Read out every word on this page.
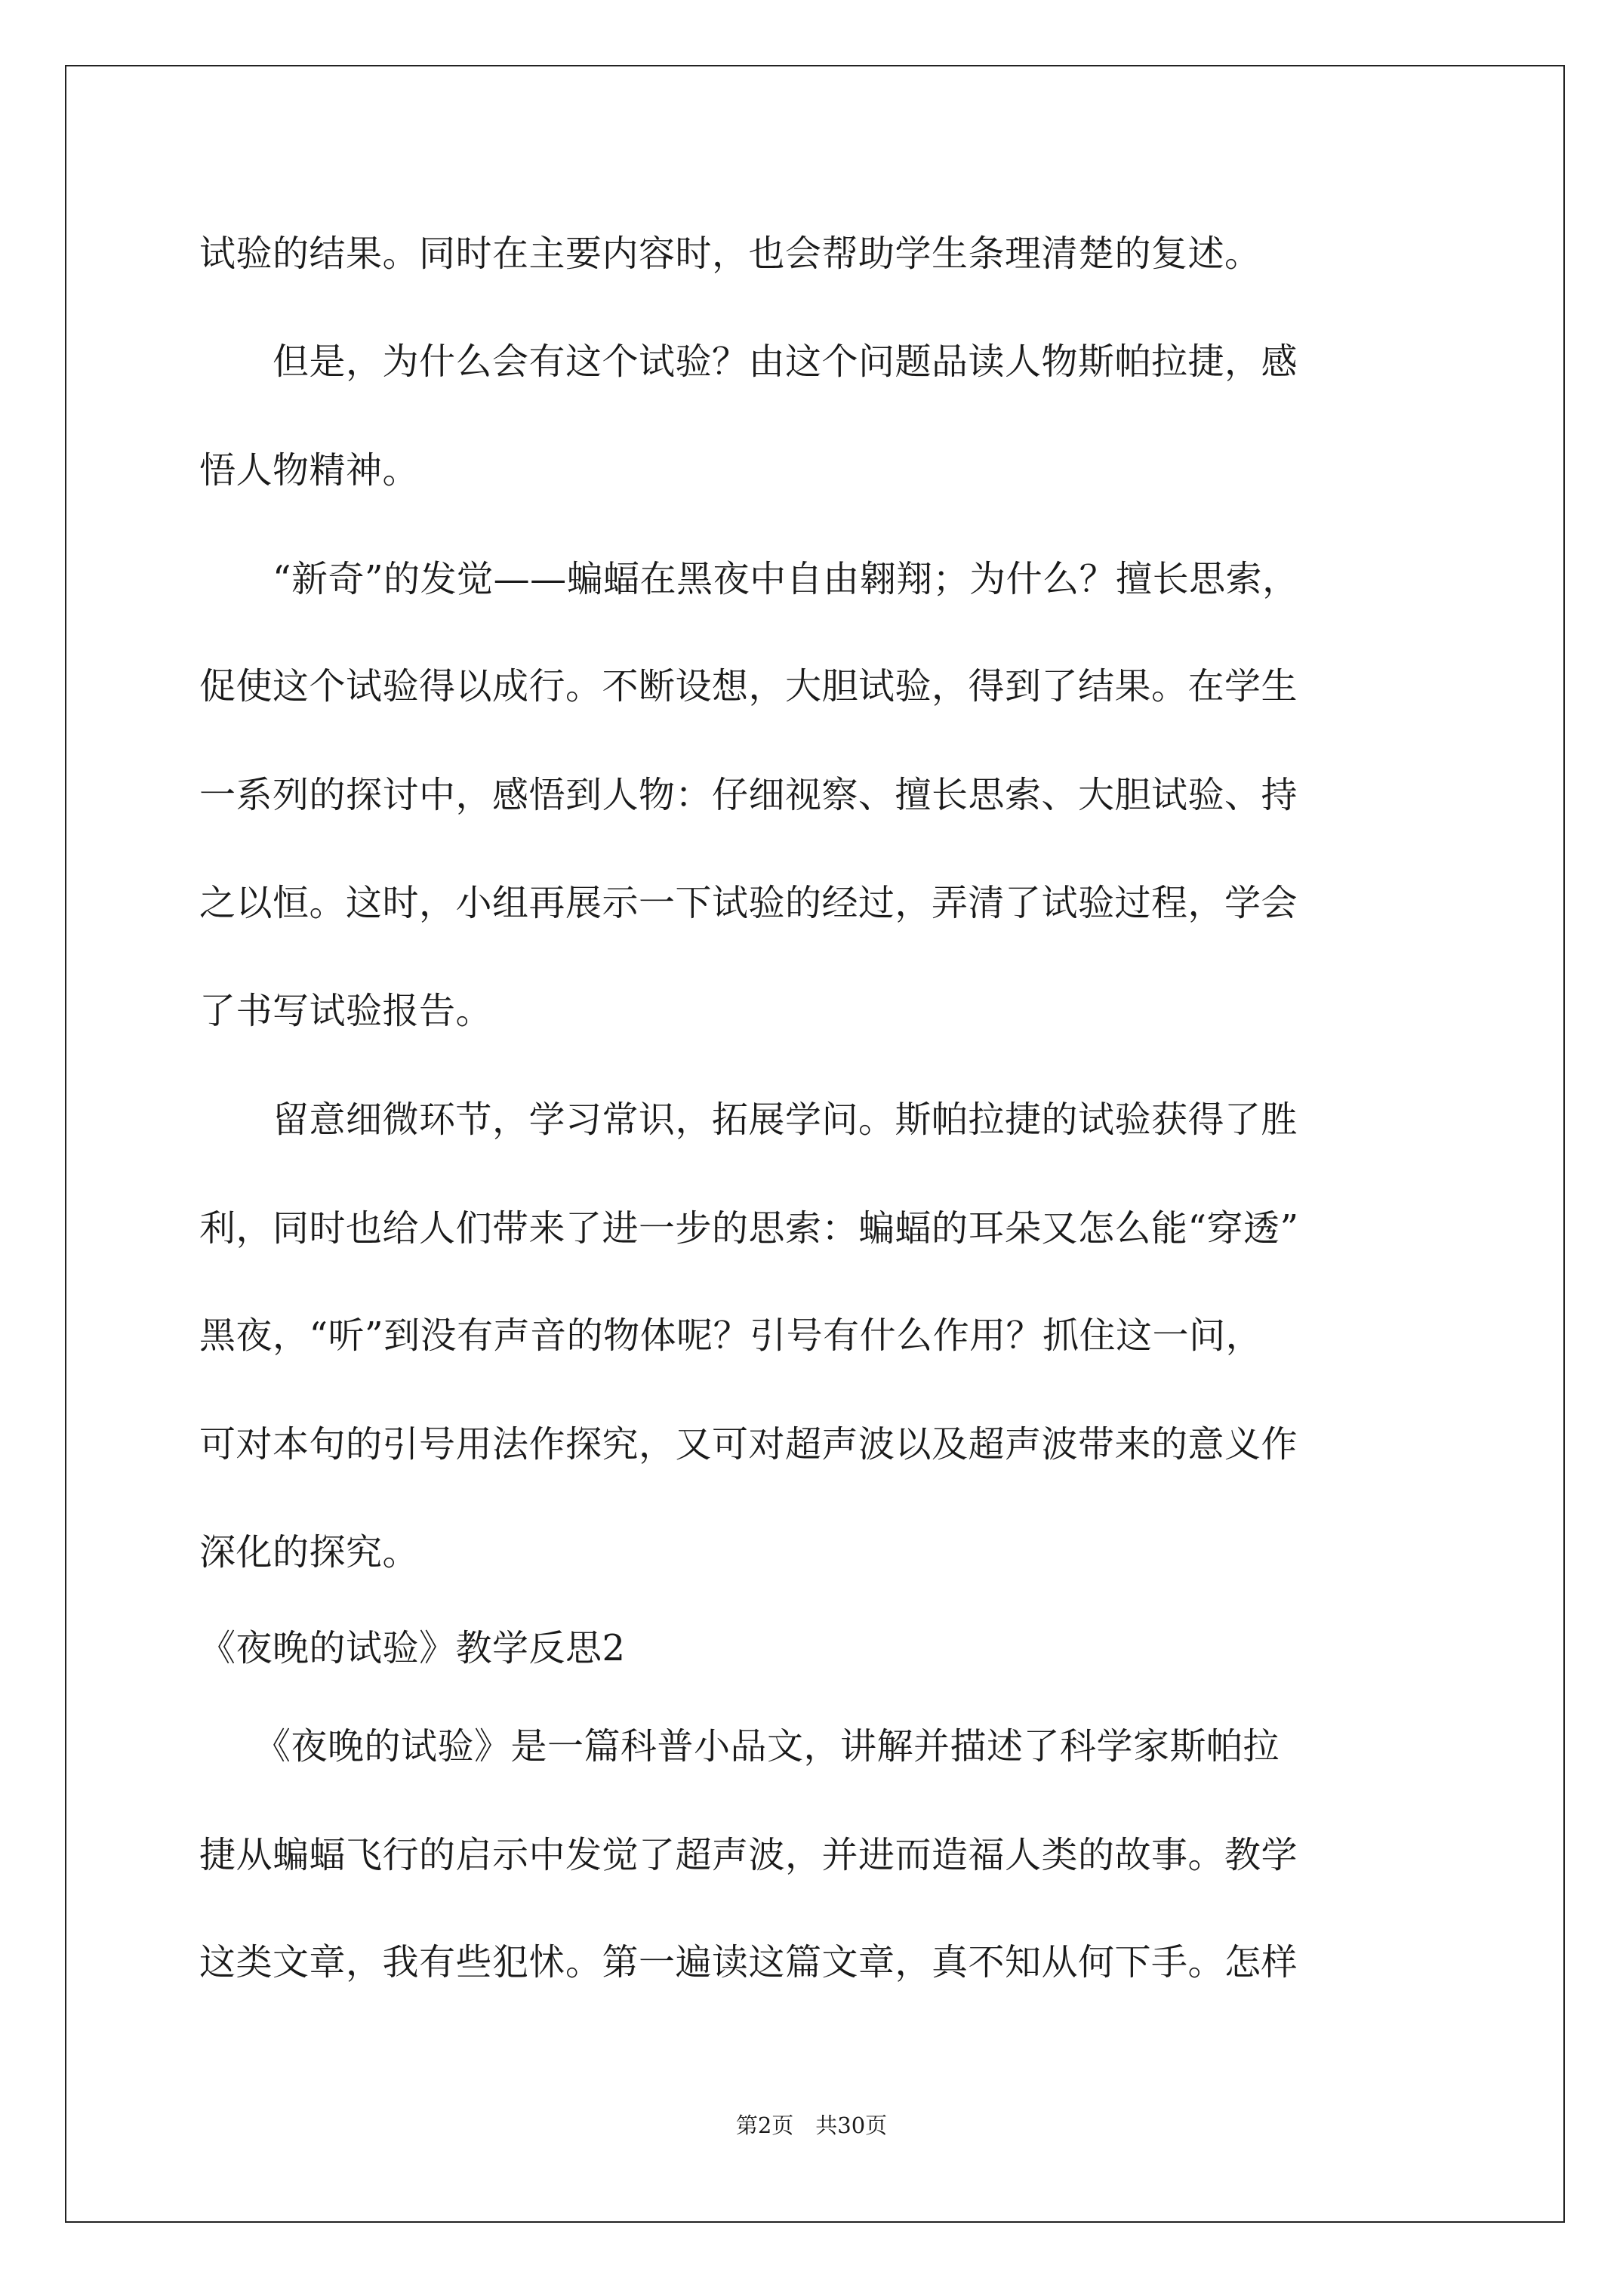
试验的结果。同时在主要内容时，也会帮助学生条理清楚的复述。
　　但是，为什么会有这个试验？由这个问题品读人物斯帕拉捷，感
悟人物精神。
　　“新奇”的发觉——蝙蝠在黑夜中自由翱翔；为什么？擅长思索，
促使这个试验得以成行。不断设想，大胆试验，得到了结果。在学生
一系列的探讨中，感悟到人物：仔细视察、擅长思索、大胆试验、持
之以恒。这时，小组再展示一下试验的经过，弄清了试验过程，学会
了书写试验报告。
　　留意细微环节，学习常识，拓展学问。斯帕拉捷的试验获得了胜
利，同时也给人们带来了进一步的思索：蝙蝠的耳朵又怎么能“穿透”
黑夜，“听”到没有声音的物体呢？引号有什么作用？抓住这一问，
可对本句的引号用法作探究，又可对超声波以及超声波带来的意义作
深化的探究。
《夜晚的试验》教学反思2
　　《夜晚的试验》是一篇科普小品文，讲解并描述了科学家斯帕拉
捷从蝙蝠飞行的启示中发觉了超声波，并进而造福人类的故事。教学
这类文章，我有些犯怵。第一遍读这篇文章，真不知从何下手。怎样
第2页　共30页
